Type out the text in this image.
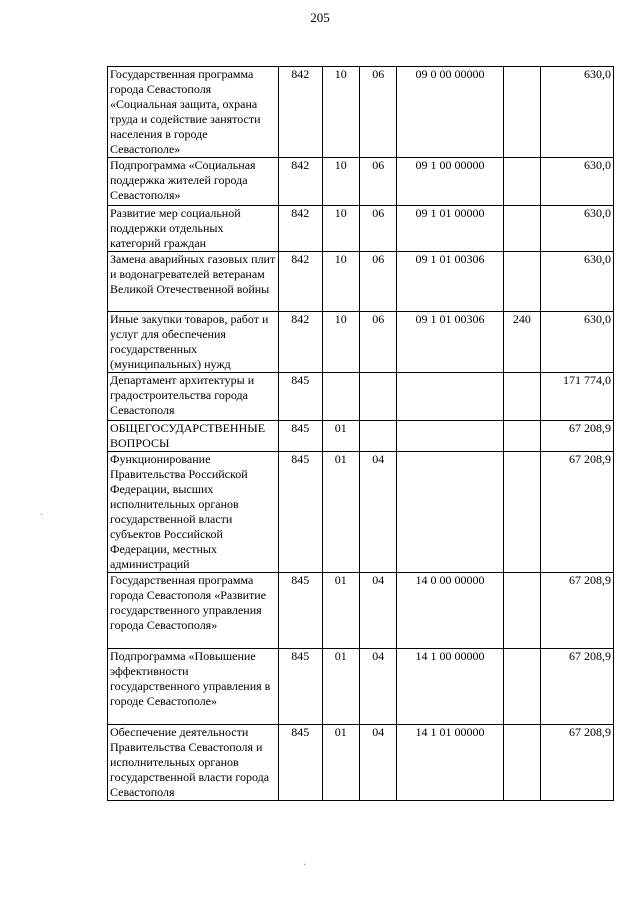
205
Государственная программа города Севастополя «Социальная защита, охрана труда и содействие занятости населения в городе Севастополе»	842	10	06	09 0 00 00000		630,0
Подпрограмма «Социальная поддержка жителей города Севастополя»	842	10	06	09 1 00 00000		630,0
Развитие мер социальной поддержки отдельных категорий граждан	842	10	06	09 1 01 00000		630,0
Замена аварийных газовых плит и водонагревателей ветеранам Великой Отечественной войны	842	10	06	09 1 01 00306		630,0
Иные закупки товаров, работ и услуг для обеспечения государственных (муниципальных) нужд	842	10	06	09 1 01 00306	240	630,0
Департамент архитектуры и градостроительства города Севастополя	845					171 774,0
ОБЩЕГОСУДАРСТВЕННЫЕ ВОПРОСЫ	845	01				67 208,9
Функционирование Правительства Российской Федерации, высших исполнительных органов государственной власти субъектов Российской Федерации, местных администраций	845	01	04			67 208,9
Государственная программа города Севастополя «Развитие государственного управления города Севастополя»	845	01	04	14 0 00 00000		67 208,9
Подпрограмма «Повышение эффективности государственного управления в городе Севастополе»	845	01	04	14 1 00 00000		67 208,9
Обеспечение деятельности Правительства Севастополя и исполнительных органов государственной власти города Севастополя	845	01	04	14 1 01 00000		67 208,9
·
·
